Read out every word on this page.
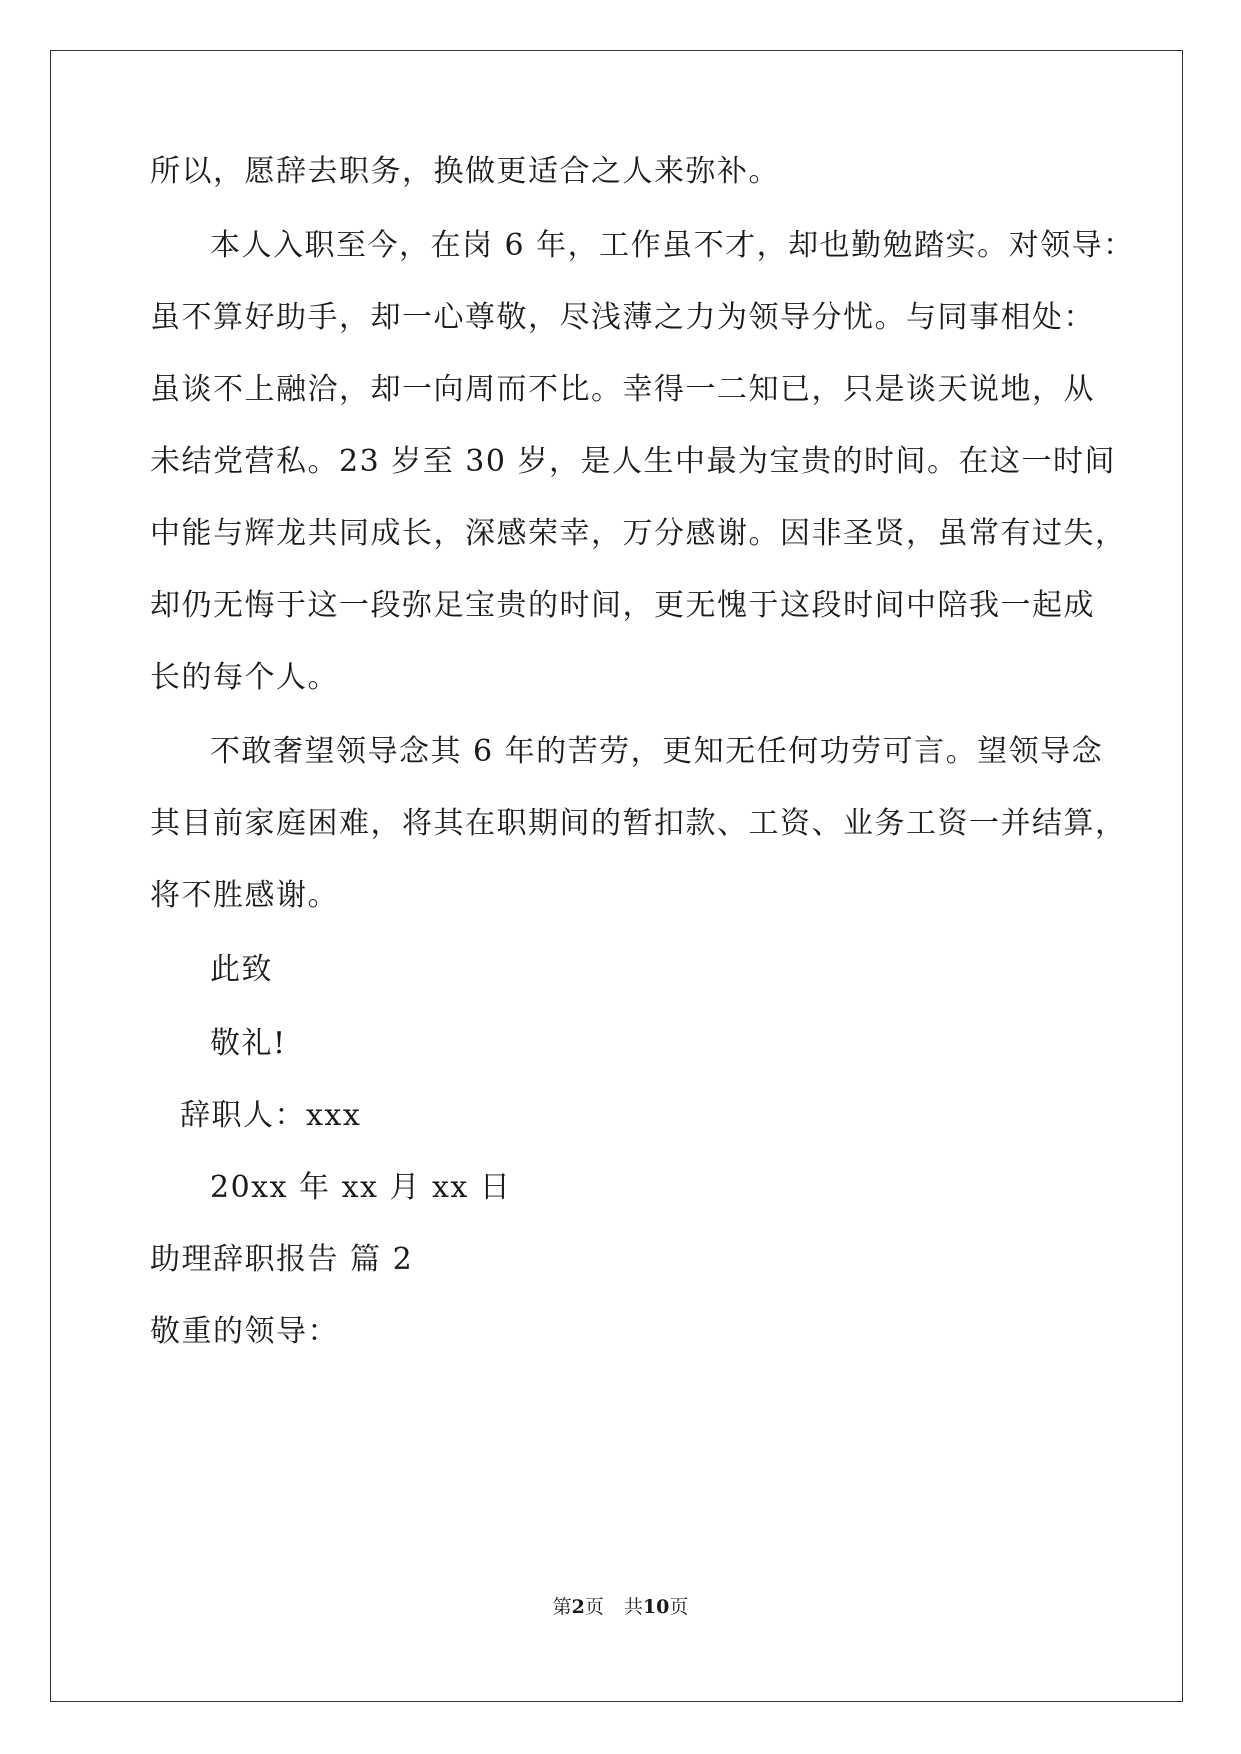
所以，愿辞去职务，换做更适合之人来弥补。
本人入职至今，在岗 6 年，工作虽不才，却也勤勉踏实。对领导：
虽不算好助手，却一心尊敬，尽浅薄之力为领导分忧。与同事相处：
虽谈不上融洽，却一向周而不比。幸得一二知已，只是谈天说地，从
未结党营私。23 岁至 30 岁，是人生中最为宝贵的时间。在这一时间
中能与辉龙共同成长，深感荣幸，万分感谢。因非圣贤，虽常有过失，
却仍无悔于这一段弥足宝贵的时间，更无愧于这段时间中陪我一起成
长的每个人。
不敢奢望领导念其 6 年的苦劳，更知无任何功劳可言。望领导念
其目前家庭困难，将其在职期间的暂扣款、工资、业务工资一并结算，
将不胜感谢。
此致
敬礼!
辞职人：xxx
20xx 年 xx 月 xx 日
助理辞职报告 篇 2
敬重的领导：
第2页 共10页
